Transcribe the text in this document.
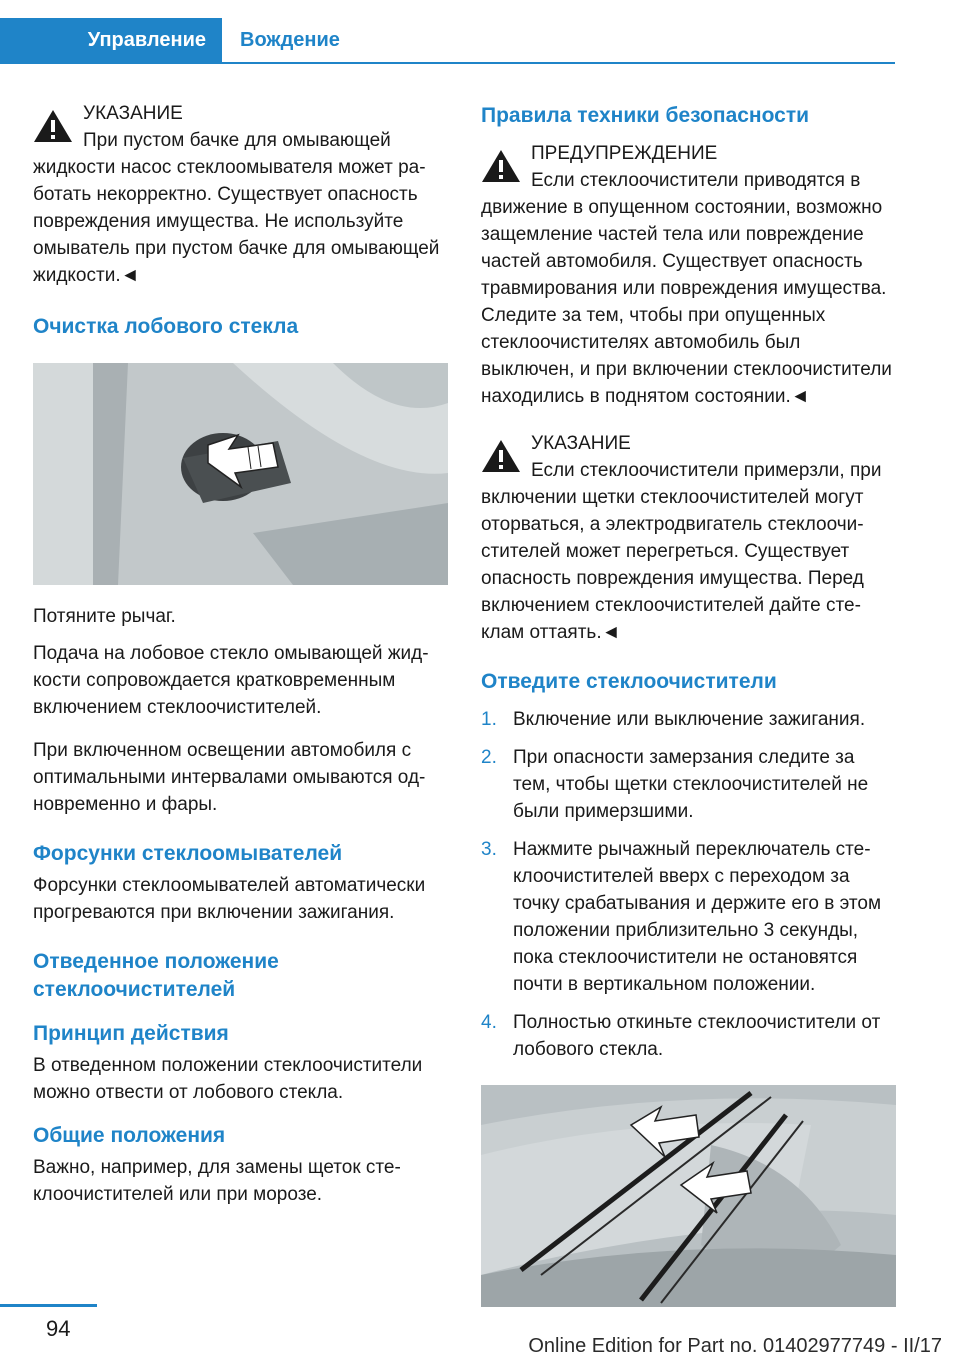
Управление Вождение

УКАЗАНИЕ

При пустом бачке для омывающей жидкости насос стеклоомывателя может работать некорректно. Существует опасность повреждения имущества. Не используйте омыватель при пустом бачке для омывающей жидкости.◄

Очистка лобового стекла

Потяните рычаг.

Подача на лобовое стекло омывающей жидкости сопровождается кратковременным включением стеклоочистителей.

При включенном освещении автомобиля с оптимальными интервалами омываются одновременно и фары.

Форсунки стеклоомывателей

Форсунки стеклоомывателей автоматически прогреваются при включении зажигания.

Отведенное положение стеклоочистителей
Принцип действия

В отведенном положении стеклоочистители можно отвести от лобового стекла.

Общие положения

Важно, например, для замены щеток стеклоочистителей или при морозе.

Правила техники безопасности

ПРЕДУПРЕЖДЕНИЕ

Если стеклоочистители приводятся в движение в опущенном состоянии, возможно защемление частей тела или повреждение частей автомобиля. Существует опасность травмирования или повреждения имущества. Следите за тем, чтобы при опущенных стеклоочистителях автомобиль был выключен, и при включении стеклоочистители находились в поднятом состоянии.◄

УКАЗАНИЕ

Если стеклоочистители примерзли, при включении щетки стеклоочистителей могут оторваться, а электродвигатель стеклоочистителей может перегреться. Существует опасность повреждения имущества. Перед включением стеклоочистителей дайте стеклам оттаять.◄

Отведите стеклоочистители
1. Включение или выключение зажигания.
2. При опасности замерзания следите за тем, чтобы щетки стеклоочистителей не были примерзшими.
3. Нажмите рычажный переключатель стеклоочистителей вверх с переходом за точку срабатывания и держите его в этом положении приблизительно 3 секунды, пока стеклоочистители не остановятся почти в вертикальном положении.
4. Полностью откиньте стеклоочистители от лобового стекла.
94
Online Edition for Part no. 01402977749 - II/17
